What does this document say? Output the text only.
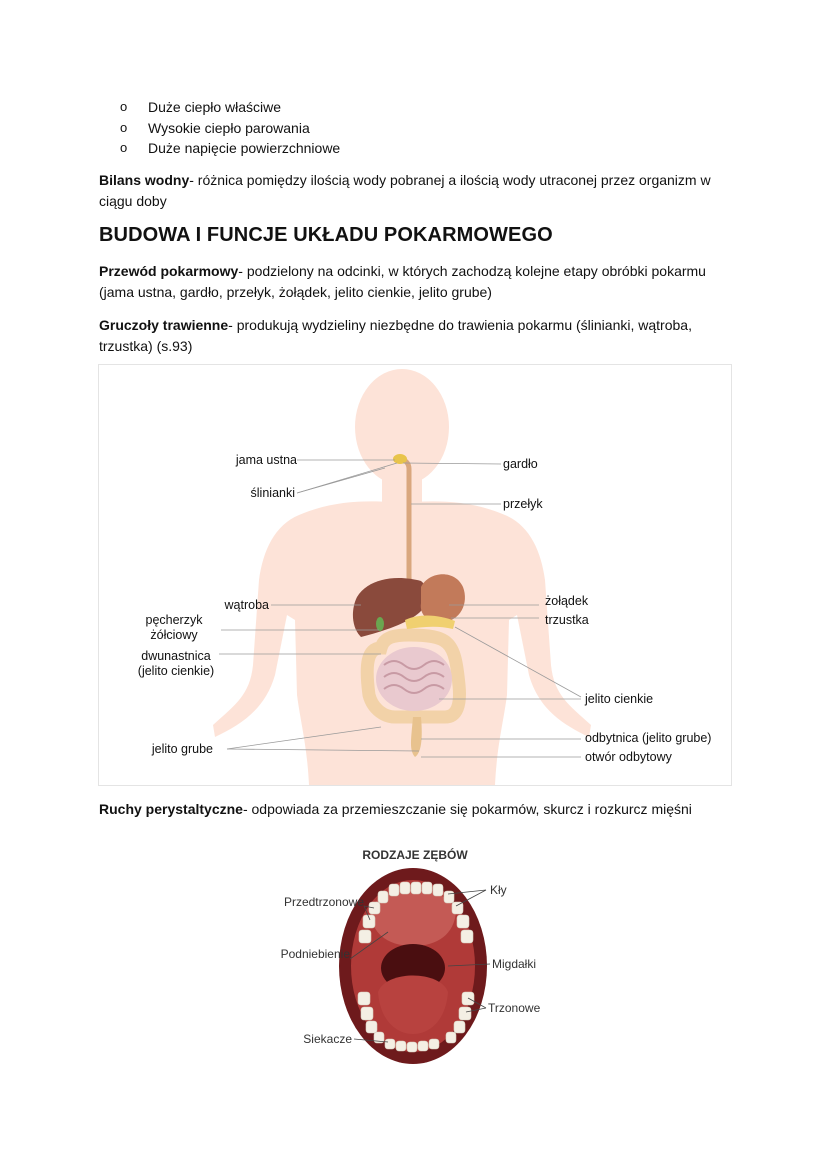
o Duże ciepło właściwe
o Wysokie ciepło parowania
o Duże napięcie powierzchniowe

Bilans wodny- różnica pomiędzy ilością wody pobranej a ilością wody utraconej przez organizm w ciągu doby

BUDOWA I FUNCJE UKŁADU POKARMOWEGO

Przewód pokarmowy- podzielony na odcinki, w których zachodzą kolejne etapy obróbki pokarmu (jama ustna, gardło, przełyk, żołądek, jelito cienkie, jelito grube)

Gruczoły trawienne- produkują wydzieliny niezbędne do trawienia pokarmu (ślinianki, wątroba, trzustka) (s.93)

jama ustna
ślinianki
gardło
przełyk
wątroba
pęcherzyk
żółciowy
dwunastnica
(jelito cienkie)
żołądek
trzustka
jelito cienkie
jelito grube
odbytnica (jelito grube)
otwór odbytowy

Ruchy perystaltyczne- odpowiada za przemieszczanie się pokarmów, skurcz i rozkurcz mięśni

RODZAJE ZĘBÓW
Przedtrzonowe
Podniebienie
Siekacze
Kły
Migdałki
Trzonowe
